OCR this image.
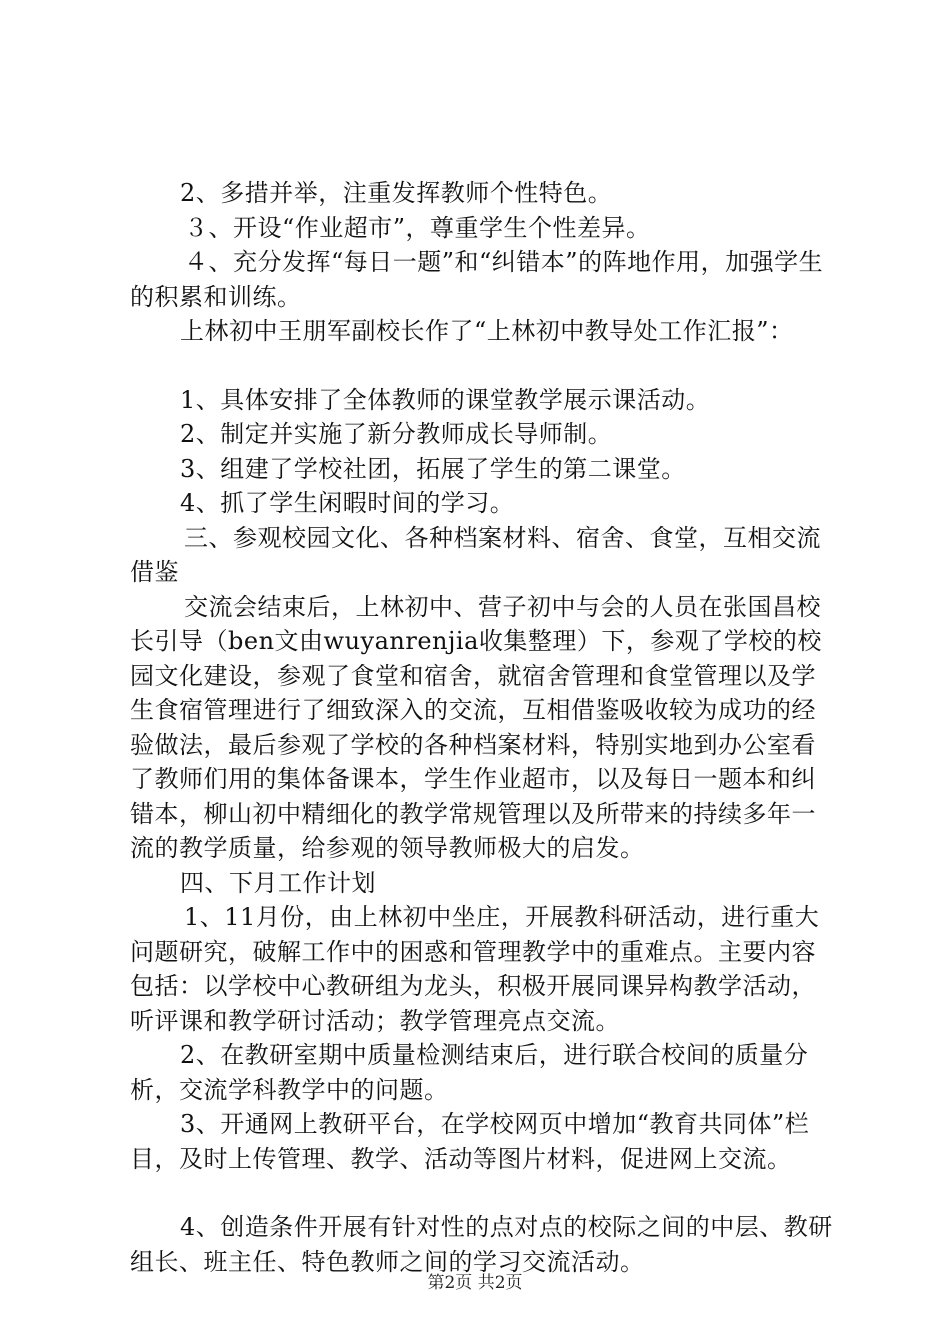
2、多措并举，注重发挥教师个性特色。
３、开设“作业超市”，尊重学生个性差异。
４、充分发挥“每日一题”和“纠错本”的阵地作用，加强学生的积累和训练。
上林初中王朋军副校长作了“上林初中教导处工作汇报”：
1、具体安排了全体教师的课堂教学展示课活动。
2、制定并实施了新分教师成长导师制。
3、组建了学校社团，拓展了学生的第二课堂。
4、抓了学生闲暇时间的学习。
三、参观校园文化、各种档案材料、宿舍、食堂，互相交流借鉴
交流会结束后，上林初中、营子初中与会的人员在张国昌校长引导（ben文由wuyanrenjia收集整理）下，参观了学校的校园文化建设，参观了食堂和宿舍，就宿舍管理和食堂管理以及学生食宿管理进行了细致深入的交流，互相借鉴吸收较为成功的经验做法，最后参观了学校的各种档案材料，特别实地到办公室看了教师们用的集体备课本，学生作业超市，以及每日一题本和纠错本，柳山初中精细化的教学常规管理以及所带来的持续多年一流的教学质量，给参观的领导教师极大的启发。
四、下月工作计划
1、11月份，由上林初中坐庄，开展教科研活动，进行重大问题研究，破解工作中的困惑和管理教学中的重难点。主要内容包括：以学校中心教研组为龙头，积极开展同课异构教学活动，听评课和教学研讨活动；教学管理亮点交流。
2、在教研室期中质量检测结束后，进行联合校间的质量分析，交流学科教学中的问题。
3、开通网上教研平台，在学校网页中增加“教育共同体”栏目，及时上传管理、教学、活动等图片材料，促进网上交流。
4、创造条件开展有针对性的点对点的校际之间的中层、教研组长、班主任、特色教师之间的学习交流活动。
第2页 共2页
